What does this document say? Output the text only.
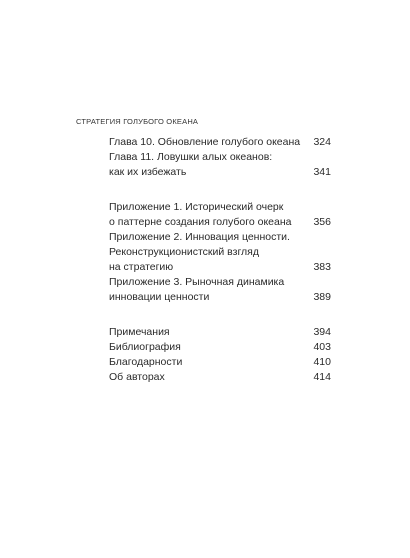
СТРАТЕГИЯ ГОЛУБОГО ОКЕАНА
Глава 10. Обновление голубого океана	324
Глава 11. Ловушки алых океанов:
как их избежать	341
Приложение 1. Исторический очерк
о паттерне создания голубого океана	356
Приложение 2. Инновация ценности.
Реконструкционистский взгляд
на стратегию	383
Приложение 3. Рыночная динамика
инновации ценности	389
Примечания	394
Библиография	403
Благодарности	410
Об авторах	414
